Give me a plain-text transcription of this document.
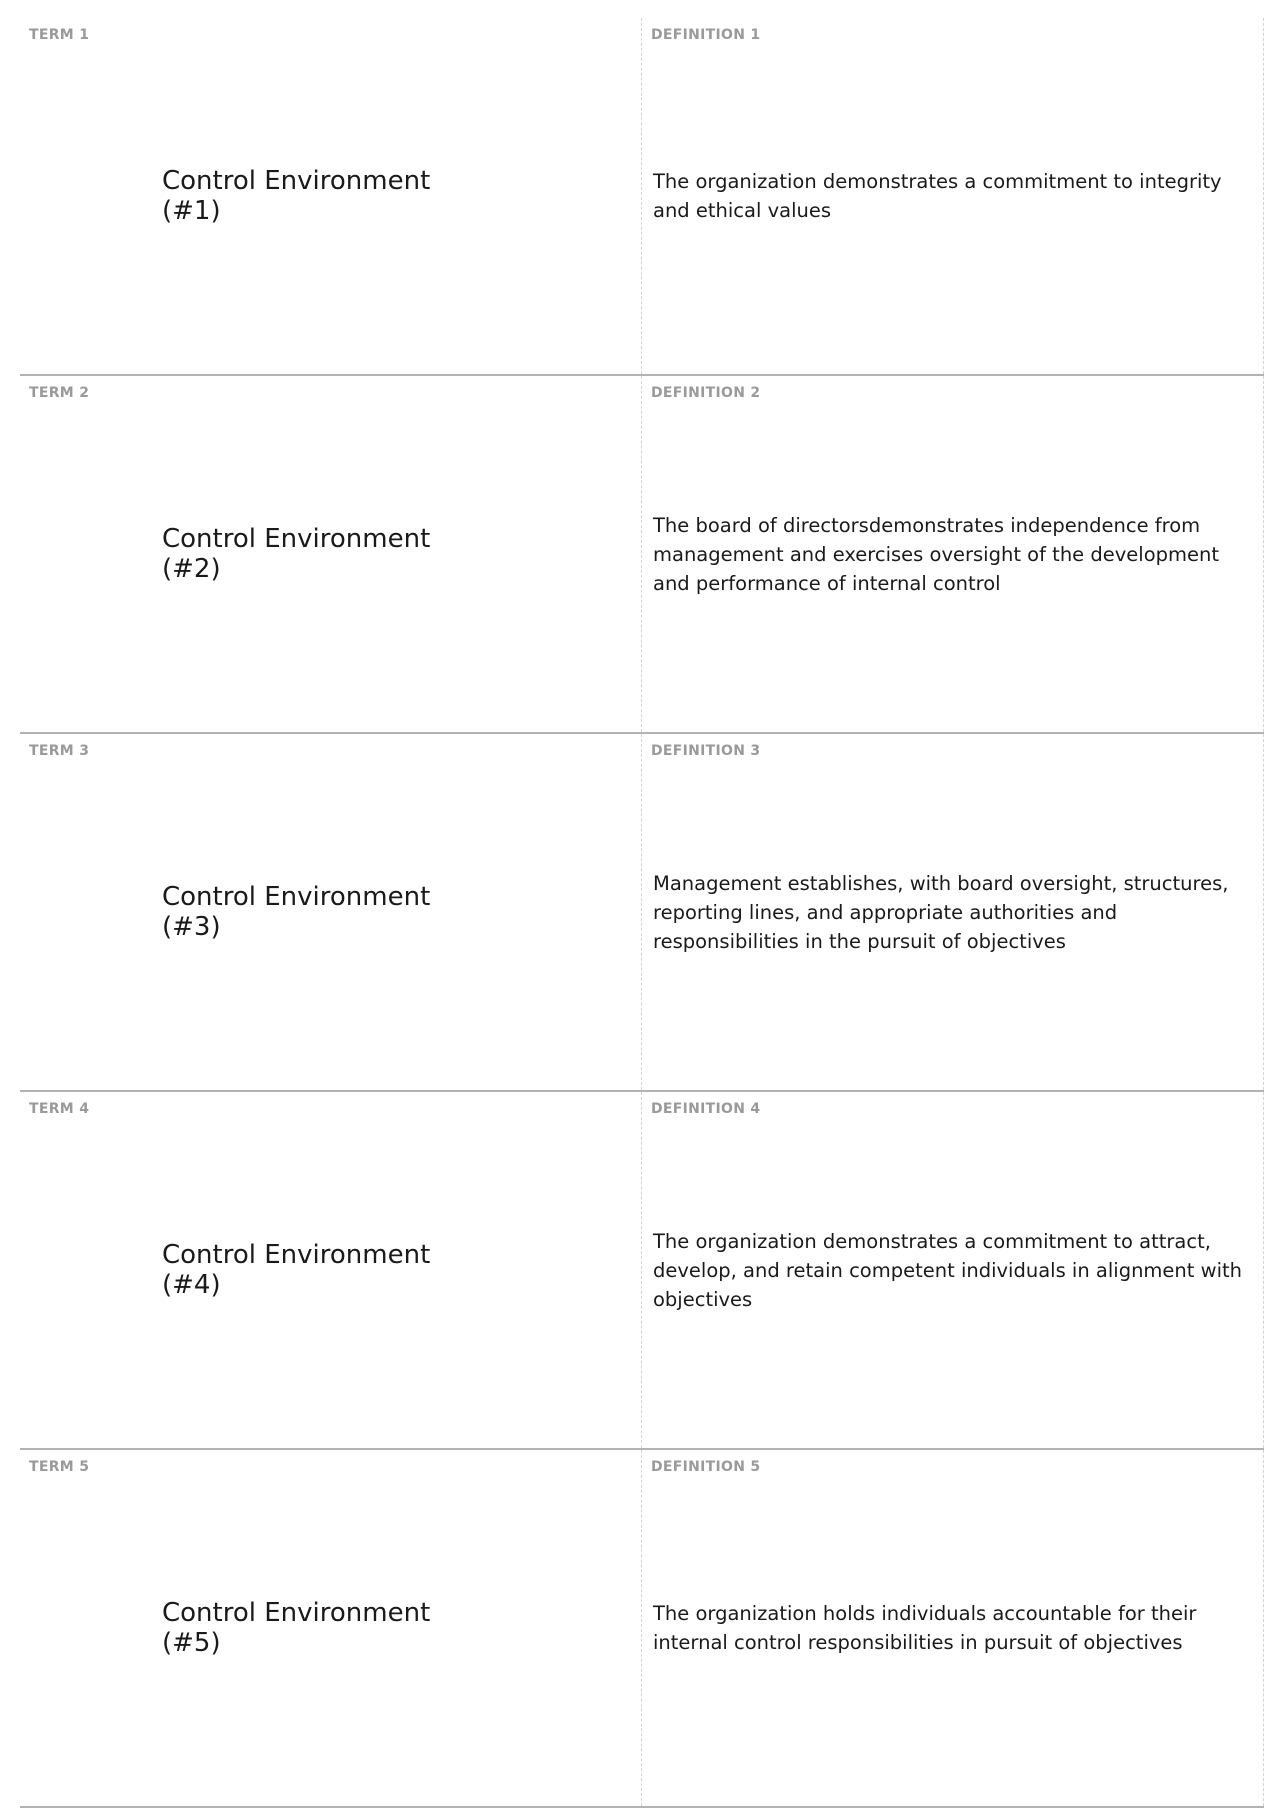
TERM 1
Control Environment (#1)
DEFINITION 1
The organization demonstrates a commitment to integrity and ethical values
TERM 2
Control Environment (#2)
DEFINITION 2
The board of directorsdemonstrates independence from management and exercises oversight of the development and performance of internal control
TERM 3
Control Environment (#3)
DEFINITION 3
Management establishes, with board oversight, structures, reporting lines, and appropriate authorities and responsibilities in the pursuit of objectives
TERM 4
Control Environment (#4)
DEFINITION 4
The organization demonstrates a commitment to attract, develop, and retain competent individuals in alignment with objectives
TERM 5
Control Environment (#5)
DEFINITION 5
The organization holds individuals accountable for their internal control responsibilities in pursuit of objectives
